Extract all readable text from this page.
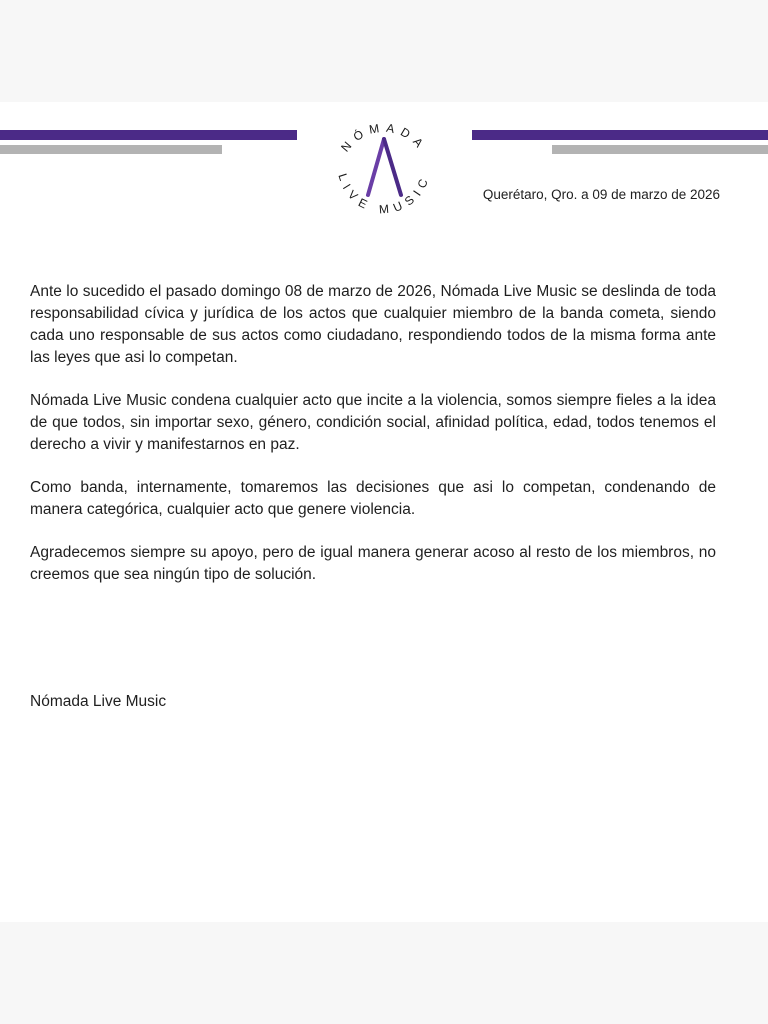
NÓMADA
LIVE MUSIC
Querétaro, Qro. a 09 de marzo de 2026

Ante lo sucedido el pasado domingo 08 de marzo de 2026, Nómada Live Music se deslinda de toda responsabilidad cívica y jurídica de los actos que cualquier miembro de la banda cometa, siendo cada uno responsable de sus actos como ciudadano, respondiendo todos de la misma forma ante las leyes que asi lo competan.

Nómada Live Music condena cualquier acto que incite a la violencia, somos siempre fieles a la idea de que todos, sin importar sexo, género, condición social, afinidad política, edad, todos tenemos el derecho a vivir y manifestarnos en paz.

Como banda, internamente, tomaremos las decisiones que asi lo competan, condenando de manera categórica, cualquier acto que genere violencia.

Agradecemos siempre su apoyo, pero de igual manera generar acoso al resto de los miembros, no creemos que sea ningún tipo de solución.

Nómada Live Music
